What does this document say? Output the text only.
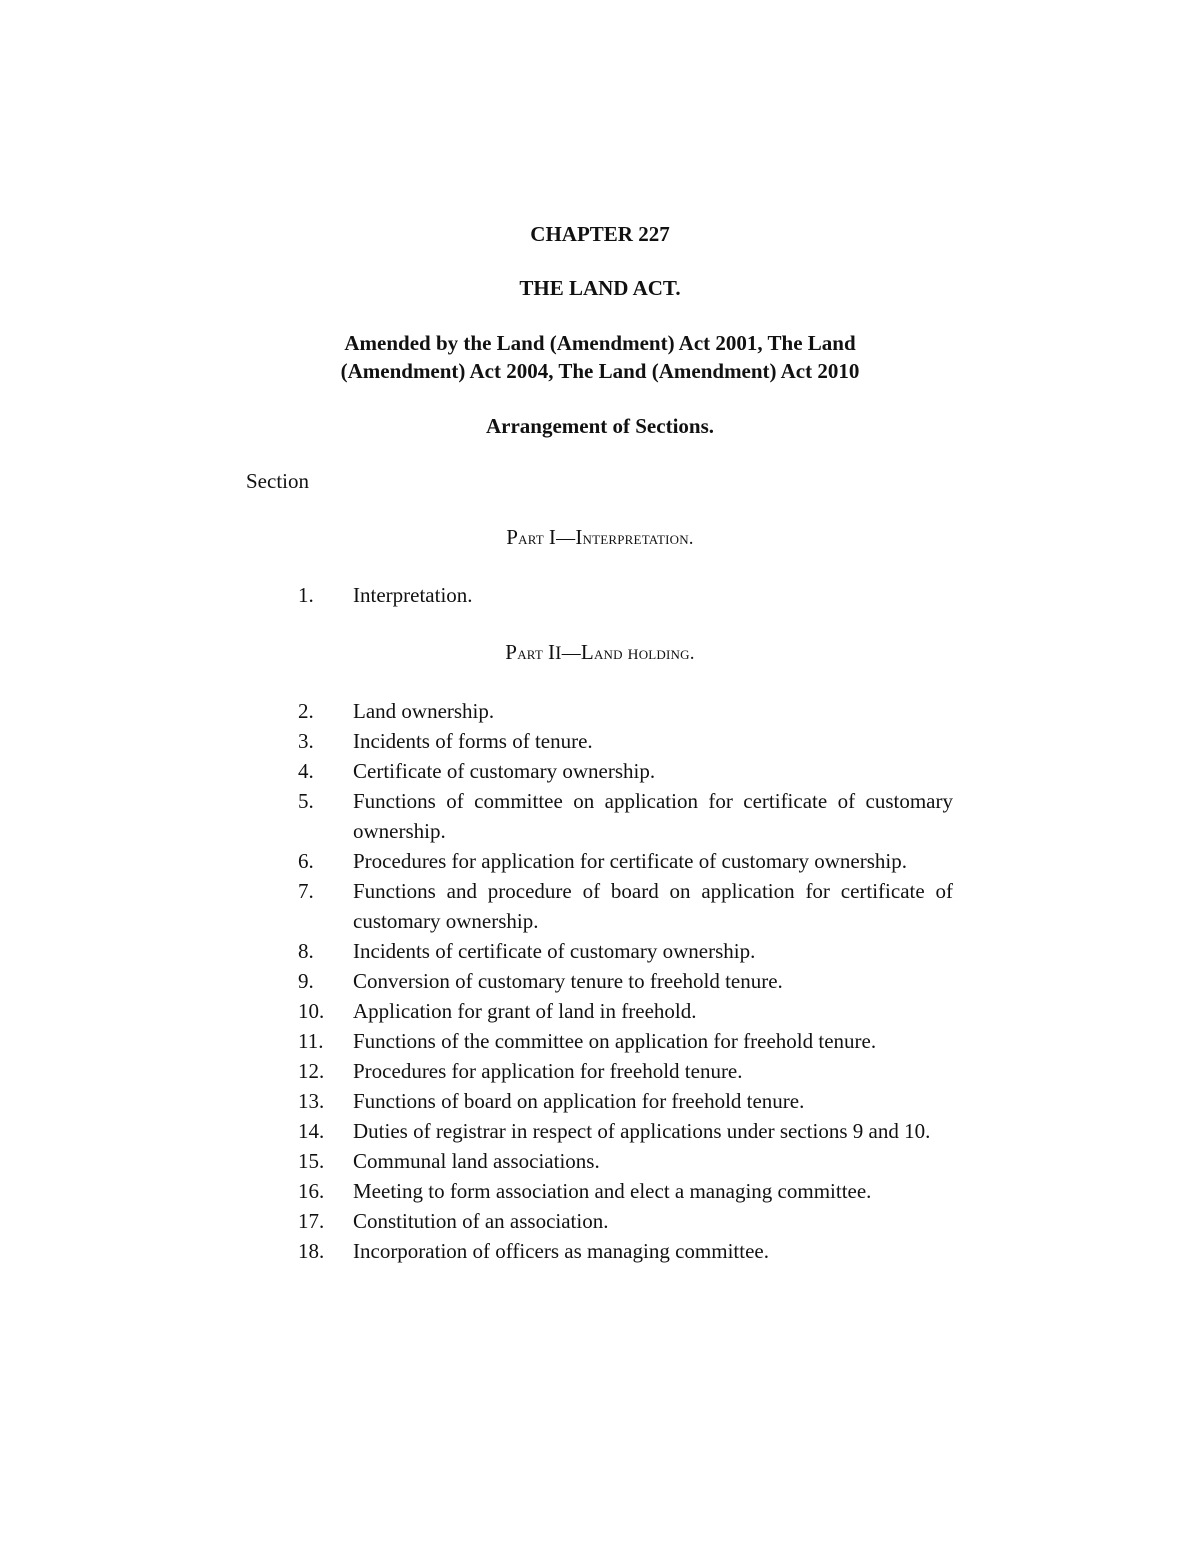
CHAPTER 227
THE LAND ACT.
Amended by the Land (Amendment) Act 2001, The Land
(Amendment) Act 2004, The Land (Amendment) Act 2010
Arrangement of Sections.
Section
Part I—Interpretation.
1. Interpretation.
Part II—Land holding.
2. Land ownership.
3. Incidents of forms of tenure.
4. Certificate of customary ownership.
5. Functions of committee on application for certificate of customary ownership.
6. Procedures for application for certificate of customary ownership.
7. Functions and procedure of board on application for certificate of customary ownership.
8. Incidents of certificate of customary ownership.
9. Conversion of customary tenure to freehold tenure.
10. Application for grant of land in freehold.
11. Functions of the committee on application for freehold tenure.
12. Procedures for application for freehold tenure.
13. Functions of board on application for freehold tenure.
14. Duties of registrar in respect of applications under sections 9 and 10.
15. Communal land associations.
16. Meeting to form association and elect a managing committee.
17. Constitution of an association.
18. Incorporation of officers as managing committee.
